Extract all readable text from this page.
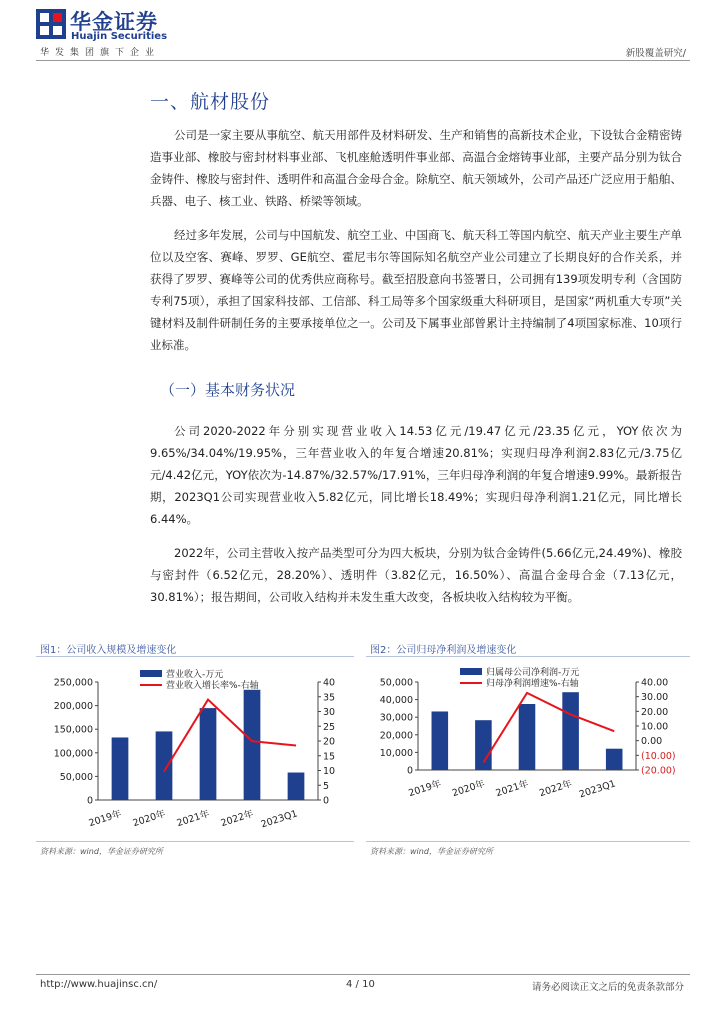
华金证券
Huajin Securities
华发集团旗下企业	新股覆盖研究/
一、航材股份
公司是一家主要从事航空、航天用部件及材料研发、生产和销售的高新技术企业，下设钛合金精密铸造事业部、橡胶与密封材料事业部、飞机座舱透明件事业部、高温合金熔铸事业部，主要产品分别为钛合金铸件、橡胶与密封件、透明件和高温合金母合金。除航空、航天领域外，公司产品还广泛应用于船舶、兵器、电子、核工业、铁路、桥梁等领域。
经过多年发展，公司与中国航发、航空工业、中国商飞、航天科工等国内航空、航天产业主要生产单位以及空客、赛峰、罗罗、GE航空、霍尼韦尔等国际知名航空产业公司建立了长期良好的合作关系，并获得了罗罗、赛峰等公司的优秀供应商称号。截至招股意向书签署日，公司拥有139项发明专利（含国防专利75项），承担了国家科技部、工信部、科工局等多个国家级重大科研项目，是国家“两机重大专项”关键材料及制件研制任务的主要承接单位之一。公司及下属事业部曾累计主持编制了4项国家标准、10项行业标准。
（一）基本财务状况
公司2020-2022年分别实现营业收入14.53亿元/19.47亿元/23.35亿元，YOY依次为9.65%/34.04%/19.95%，三年营业收入的年复合增速20.81%；实现归母净利润2.83亿元/3.75亿元/4.42亿元，YOY依次为-14.87%/32.57%/17.91%，三年归母净利润的年复合增速9.99%。最新报告期，2023Q1公司实现营业收入5.82亿元，同比增长18.49%；实现归母净利润1.21亿元，同比增长6.44%。
2022年，公司主营收入按产品类型可分为四大板块，分别为钛合金铸件(5.66亿元,24.49%)、橡胶与密封件（6.52亿元，28.20%）、透明件（3.82亿元，16.50%）、高温合金母合金（7.13亿元，30.81%）；报告期间，公司收入结构并未发生重大改变，各板块收入结构较为平衡。
图1：公司收入规模及增速变化	图2：公司归母净利润及增速变化
0
50,000
100,000
150,000
200,000
250,000
0
5
10
15
20
25
30
35
40
2019年 2020年 2021年 2022年 2023Q1
营业收入-万元
营业收入增长率%-右轴
0
10,000
20,000
30,000
40,000
50,000
(20.00)
(10.00)
0.00
10.00
20.00
30.00
40.00
2019年 2020年 2021年 2022年 2023Q1
归属母公司净利润-万元
归母净利润增速%-右轴
资料来源：wind，华金证券研究所	资料来源：wind，华金证券研究所
http://www.huajinsc.cn/	4 / 10	请务必阅读正文之后的免责条款部分
